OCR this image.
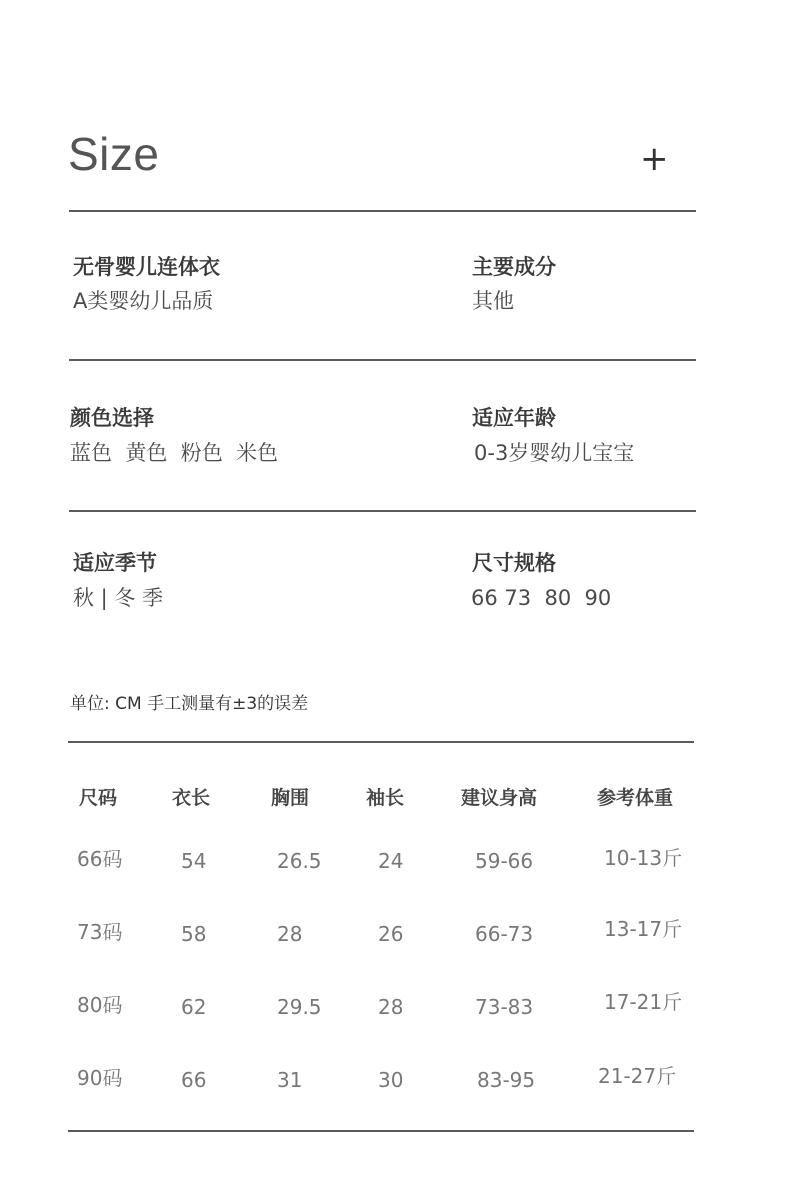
Size	+
无骨婴儿连体衣
A类婴幼儿品质
主要成分
其他
颜色选择
蓝色  黄色  粉色  米色
适应年龄
0-3岁婴幼儿宝宝
适应季节
秋 | 冬 季
尺寸规格
66 73  80  90
单位: CM 手工测量有±3的误差
尺码	衣长	胸围	袖长	建议身高	参考体重
66码	54	26.5	24	59-66	10-13斤
73码	58	28	26	66-73	13-17斤
80码	62	29.5	28	73-83	17-21斤
90码	66	31	30	83-95	21-27斤
